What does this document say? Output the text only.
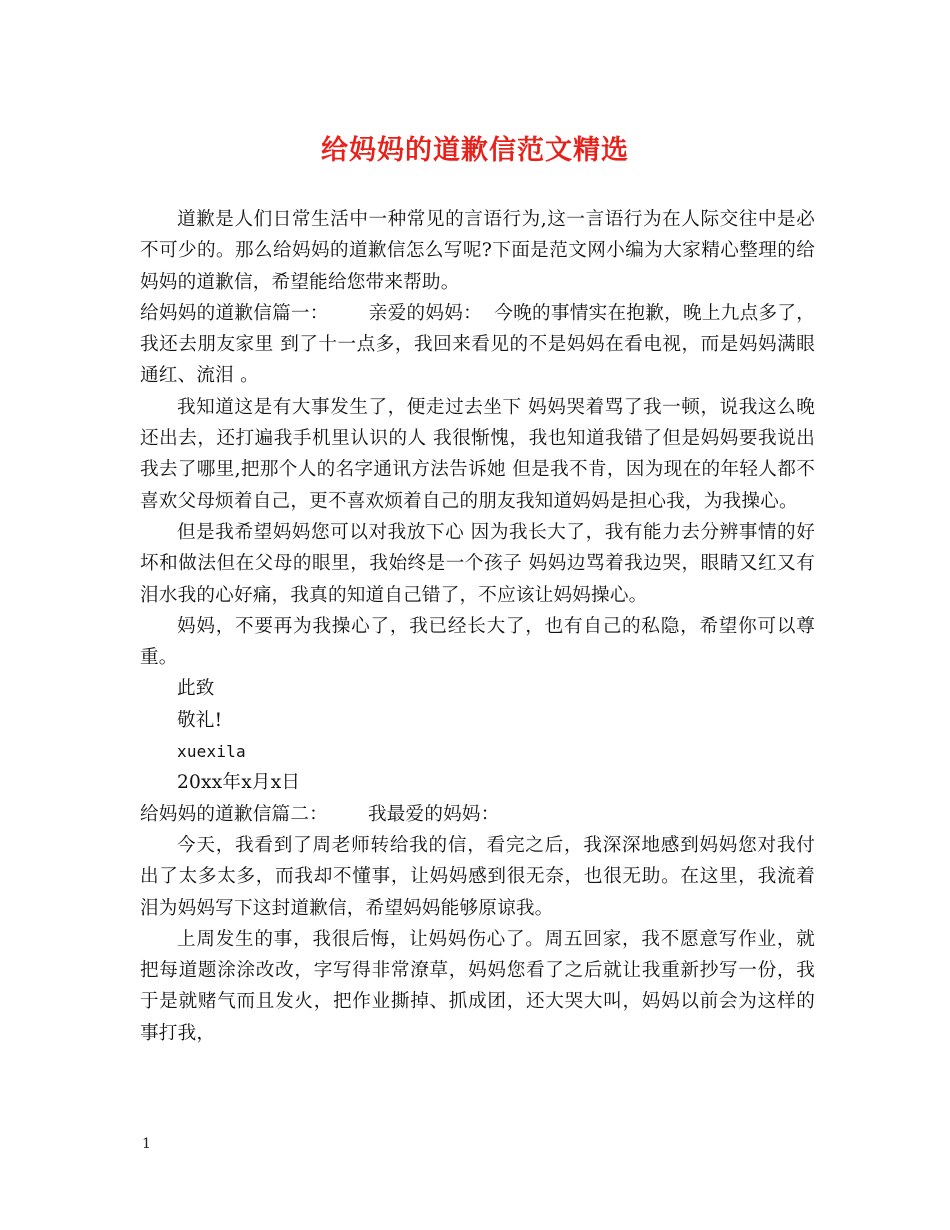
给妈妈的道歉信范文精选

道歉是人们日常生活中一种常见的言语行为,这一言语行为在人际交往中是必不可少的。那么给妈妈的道歉信怎么写呢?下面是范文网小编为大家精心整理的给妈妈的道歉信，希望能给您带来帮助。

给妈妈的道歉信篇一： 亲爱的妈妈： 今晚的事情实在抱歉，晚上九点多了，我还去朋友家里 到了十一点多，我回来看见的不是妈妈在看电视，而是妈妈满眼通红、流泪 。

我知道这是有大事发生了，便走过去坐下 妈妈哭着骂了我一顿，说我这么晚还出去，还打遍我手机里认识的人 我很惭愧，我也知道我错了但是妈妈要我说出我去了哪里,把那个人的名字通讯方法告诉她 但是我不肯，因为现在的年轻人都不喜欢父母烦着自己，更不喜欢烦着自己的朋友我知道妈妈是担心我，为我操心。

但是我希望妈妈您可以对我放下心 因为我长大了，我有能力去分辨事情的好坏和做法但在父母的眼里，我始终是一个孩子 妈妈边骂着我边哭，眼睛又红又有泪水我的心好痛，我真的知道自己错了，不应该让妈妈操心。

妈妈，不要再为我操心了，我已经长大了，也有自己的私隐，希望你可以尊重。

此致

敬礼!

xuexila

20xx年x月x日

给妈妈的道歉信篇二： 我最爱的妈妈：

今天，我看到了周老师转给我的信，看完之后，我深深地感到妈妈您对我付出了太多太多，而我却不懂事，让妈妈感到很无奈，也很无助。在这里，我流着泪为妈妈写下这封道歉信，希望妈妈能够原谅我。

上周发生的事，我很后悔，让妈妈伤心了。周五回家，我不愿意写作业，就把每道题涂涂改改，字写得非常潦草，妈妈您看了之后就让我重新抄写一份，我于是就赌气而且发火，把作业撕掉、抓成团，还大哭大叫，妈妈以前会为这样的事打我，

1
